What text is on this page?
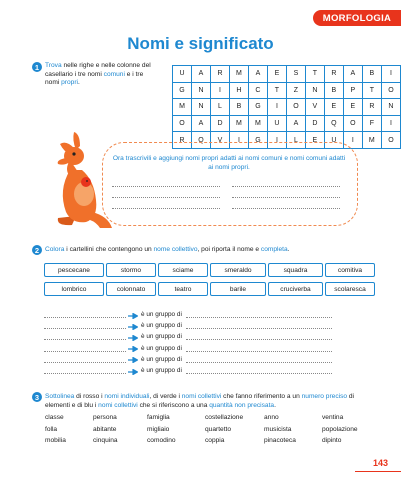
MORFOLOGIA
Nomi e significato
1 Trova nelle righe e nelle colonne del casellario i tre nomi comuni e i tre nomi propri.
U	A	R	M	A	E	S	T	R	A	B	I
G	N	I	H	C	T	Z	N	B	P	T	O
M	N	L	B	G	I	O	V	E	E	R	N
O	A	D	M	M	U	A	D	Q	O	F	I
R	Q	V	I	G	I	L	E	U	I	M	O
Ora trascrivili e aggiungi nomi propri adatti ai nomi comuni e nomi comuni adatti ai nomi propri.
2 Colora i cartellini che contengono un nome collettivo, poi riporta il nome e completa.
pescecane	stormo	sciame	smeraldo	squadra	comitiva
lombrico	colonnato	teatro	barile	cruciverba	scolaresca
è un gruppo di
è un gruppo di
è un gruppo di
è un gruppo di
è un gruppo di
è un gruppo di
3 Sottolinea di rosso i nomi individuali, di verde i nomi collettivi che fanno riferimento a un numero preciso di elementi e di blu i nomi collettivi che si riferiscono a una quantità non precisata.
classe	persona	famiglia	costellazione	anno	ventina
folla	abitante	migliaio	quartetto	musicista	popolazione
mobilia	cinquina	comodino	coppia	pinacoteca	dipinto
143
